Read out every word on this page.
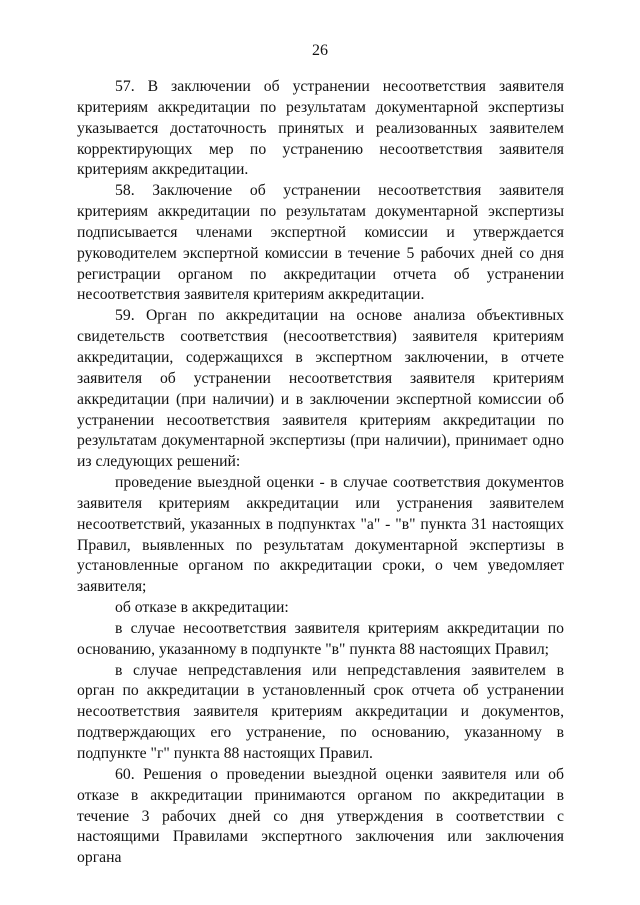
26

57. В заключении об устранении несоответствия заявителя критериям аккредитации по результатам документарной экспертизы указывается достаточность принятых и реализованных заявителем корректирующих мер по устранению несоответствия заявителя критериям аккредитации.

58. Заключение об устранении несоответствия заявителя критериям аккредитации по результатам документарной экспертизы подписывается членами экспертной комиссии и утверждается руководителем экспертной комиссии в течение 5 рабочих дней со дня регистрации органом по аккредитации отчета об устранении несоответствия заявителя критериям аккредитации.

59. Орган по аккредитации на основе анализа объективных свидетельств соответствия (несоответствия) заявителя критериям аккредитации, содержащихся в экспертном заключении, в отчете заявителя об устранении несоответствия заявителя критериям аккредитации (при наличии) и в заключении экспертной комиссии об устранении несоответствия заявителя критериям аккредитации по результатам документарной экспертизы (при наличии), принимает одно из следующих решений:

проведение выездной оценки - в случае соответствия документов заявителя критериям аккредитации или устранения заявителем несоответствий, указанных в подпунктах "а" - "в" пункта 31 настоящих Правил, выявленных по результатам документарной экспертизы в установленные органом по аккредитации сроки, о чем уведомляет заявителя;

об отказе в аккредитации:

в случае несоответствия заявителя критериям аккредитации по основанию, указанному в подпункте "в" пункта 88 настоящих Правил;

в случае непредставления или непредставления заявителем в орган по аккредитации в установленный срок отчета об устранении несоответствия заявителя критериям аккредитации и документов, подтверждающих его устранение, по основанию, указанному в подпункте "г" пункта 88 настоящих Правил.

60. Решения о проведении выездной оценки заявителя или об отказе в аккредитации принимаются органом по аккредитации в течение 3 рабочих дней со дня утверждения в соответствии с настоящими Правилами экспертного заключения или заключения органа
